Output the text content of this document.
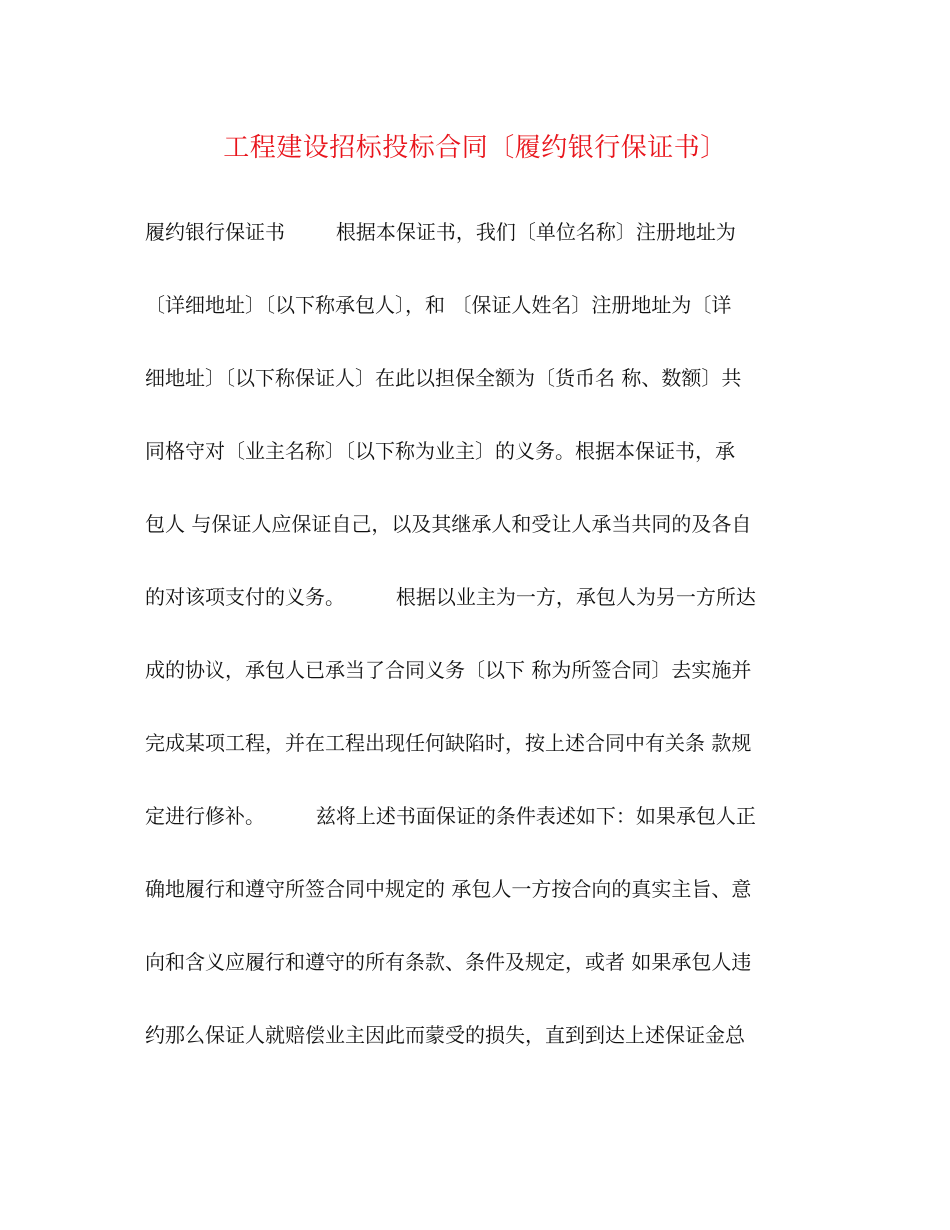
工程建设招标投标合同〔履约银行保证书〕
履约银行保证书        根据本保证书，我们〔单位名称〕注册地址为
〔详细地址〕〔以下称承包人〕，和 〔保证人姓名〕注册地址为〔详
细地址〕〔以下称保证人〕在此以担保全额为〔货币名 称、数额〕共
同格守对〔业主名称〕〔以下称为业主〕的义务。根据本保证书，承
包人 与保证人应保证自己，以及其继承人和受让人承当共同的及各自
的对该项支付的义务。        根据以业主为一方，承包人为另一方所达
成的协议，承包人已承当了合同义务〔以下 称为所签合同〕去实施并
完成某项工程，并在工程出现任何缺陷时，按上述合同中有关条 款规
定进行修补。        兹将上述书面保证的条件表述如下：如果承包人正
确地履行和遵守所签合同中规定的 承包人一方按合向的真实主旨、意
向和含义应履行和遵守的所有条款、条件及规定，或者 如果承包人违
约那么保证人就赔偿业主因此而蒙受的损失，直到到达上述保证金总
